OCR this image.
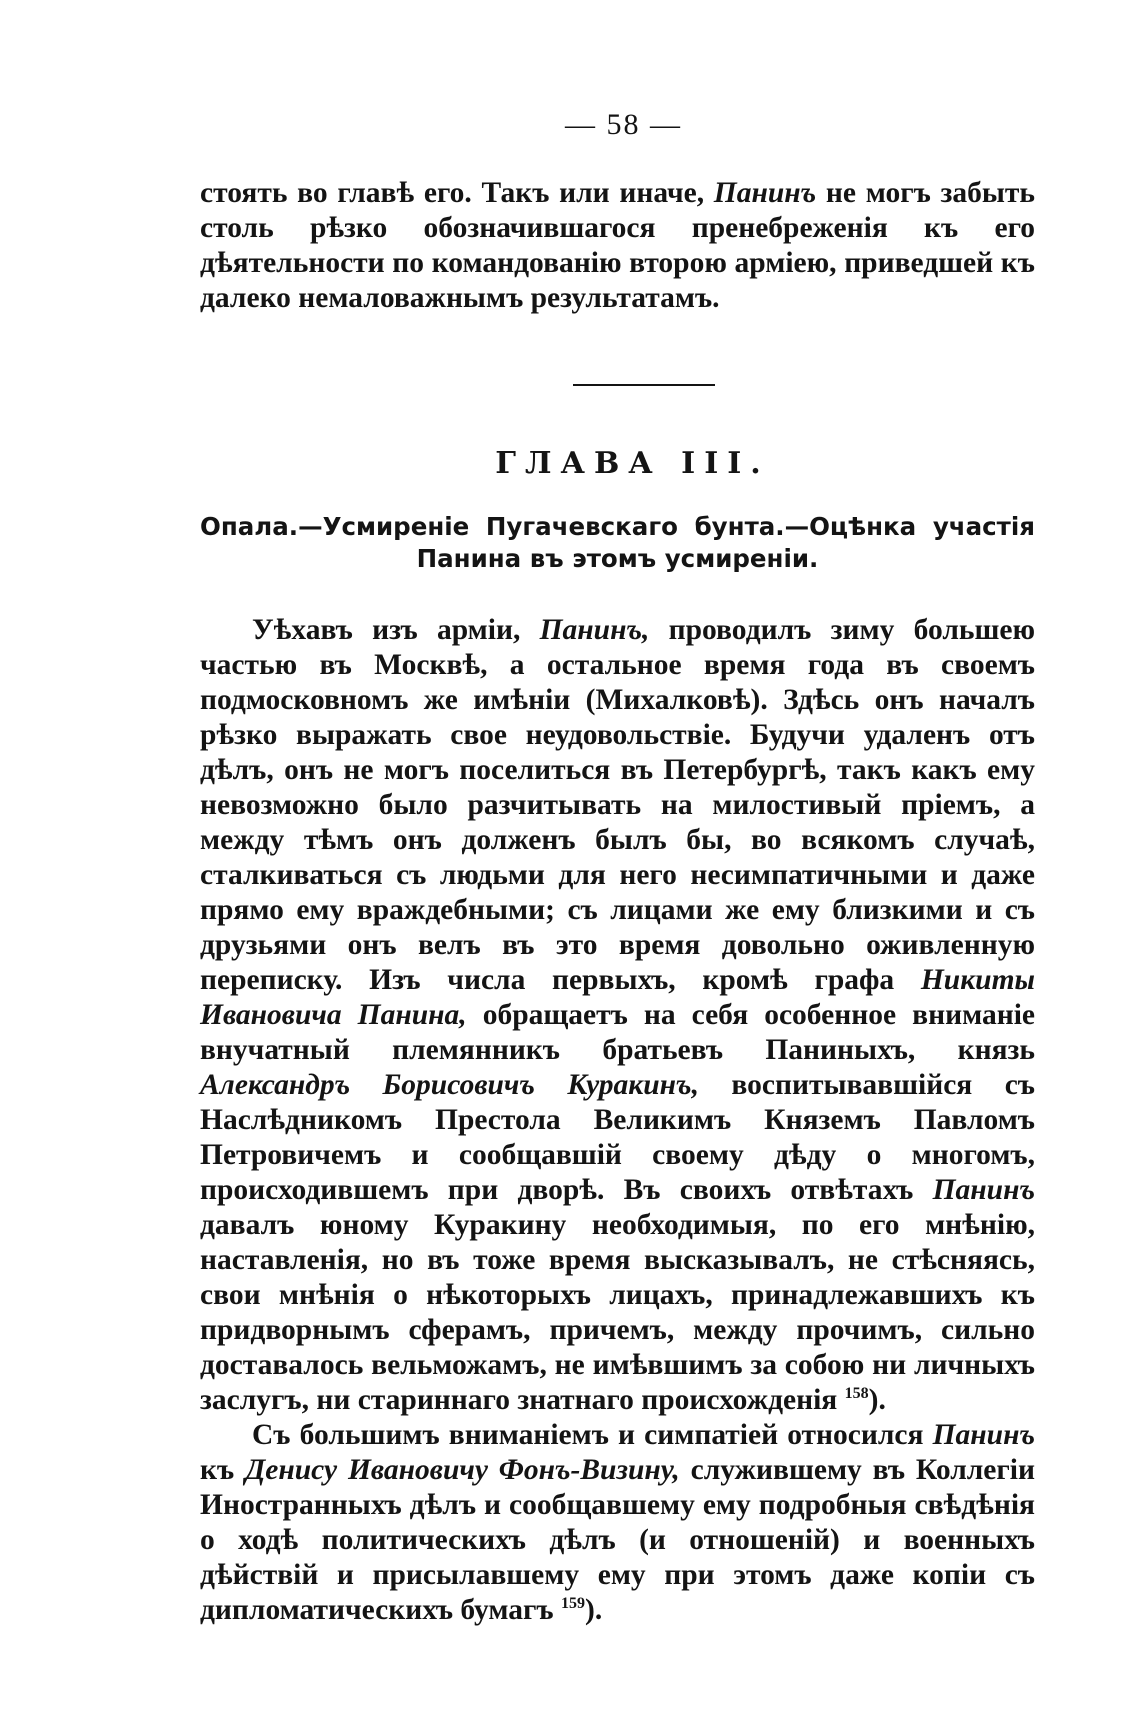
— 58 —

стоять во главѣ его. Такъ или иначе, Панинъ не могъ забыть столь рѣзко обозначившагося пренебреженія къ его дѣятельности по командованію второю арміею, приведшей къ далеко немаловажнымъ результатамъ.

ГЛАВА III.

Опала.—Усмиреніе Пугачевскаго бунта.—Оцѣнка участія Панина въ этомъ усмиреніи.

Уѣхавъ изъ арміи, Панинъ, проводилъ зиму большею частью въ Москвѣ, а остальное время года въ своемъ подмосковномъ же имѣніи (Михалковѣ). Здѣсь онъ началъ рѣзко выражать свое неудовольствіе. Будучи удаленъ отъ дѣлъ, онъ не могъ поселиться въ Петербургѣ, такъ какъ ему невозможно было разчитывать на милостивый пріемъ, а между тѣмъ онъ долженъ былъ бы, во всякомъ случаѣ, сталкиваться съ людьми для него несимпатичными и даже прямо ему враждебными; съ лицами же ему близкими и съ друзьями онъ велъ въ это время довольно оживленную переписку. Изъ числа первыхъ, кромѣ графа Никиты Ивановича Панина, обращаетъ на себя особенное вниманіе внучатный племянникъ братьевъ Паниныхъ, князь Александръ Борисовичъ Куракинъ, воспитывавшійся съ Наслѣдникомъ Престола Великимъ Княземъ Павломъ Петровичемъ и сообщавшій своему дѣду о многомъ, происходившемъ при дворѣ. Въ своихъ отвѣтахъ Панинъ давалъ юному Куракину необходимыя, по его мнѣнію, наставленія, но въ тоже время высказывалъ, не стѣсняясь, свои мнѣнія о нѣкоторыхъ лицахъ, принадлежавшихъ къ придворнымъ сферамъ, причемъ, между прочимъ, сильно доставалось вельможамъ, не имѣвшимъ за собою ни личныхъ заслугъ, ни стариннаго знатнаго происхожденія $^{158}$).

Съ большимъ вниманіемъ и симпатіей относился Панинъ къ Денису Ивановичу Фонъ-Визину, служившему въ Коллегіи Иностранныхъ дѣлъ и сообщавшему ему подробныя свѣдѣнія о ходѣ политическихъ дѣлъ (и отношеній) и военныхъ дѣйствій и присылавшему ему при этомъ даже копіи съ дипломатическихъ бумагъ $^{159}$).
